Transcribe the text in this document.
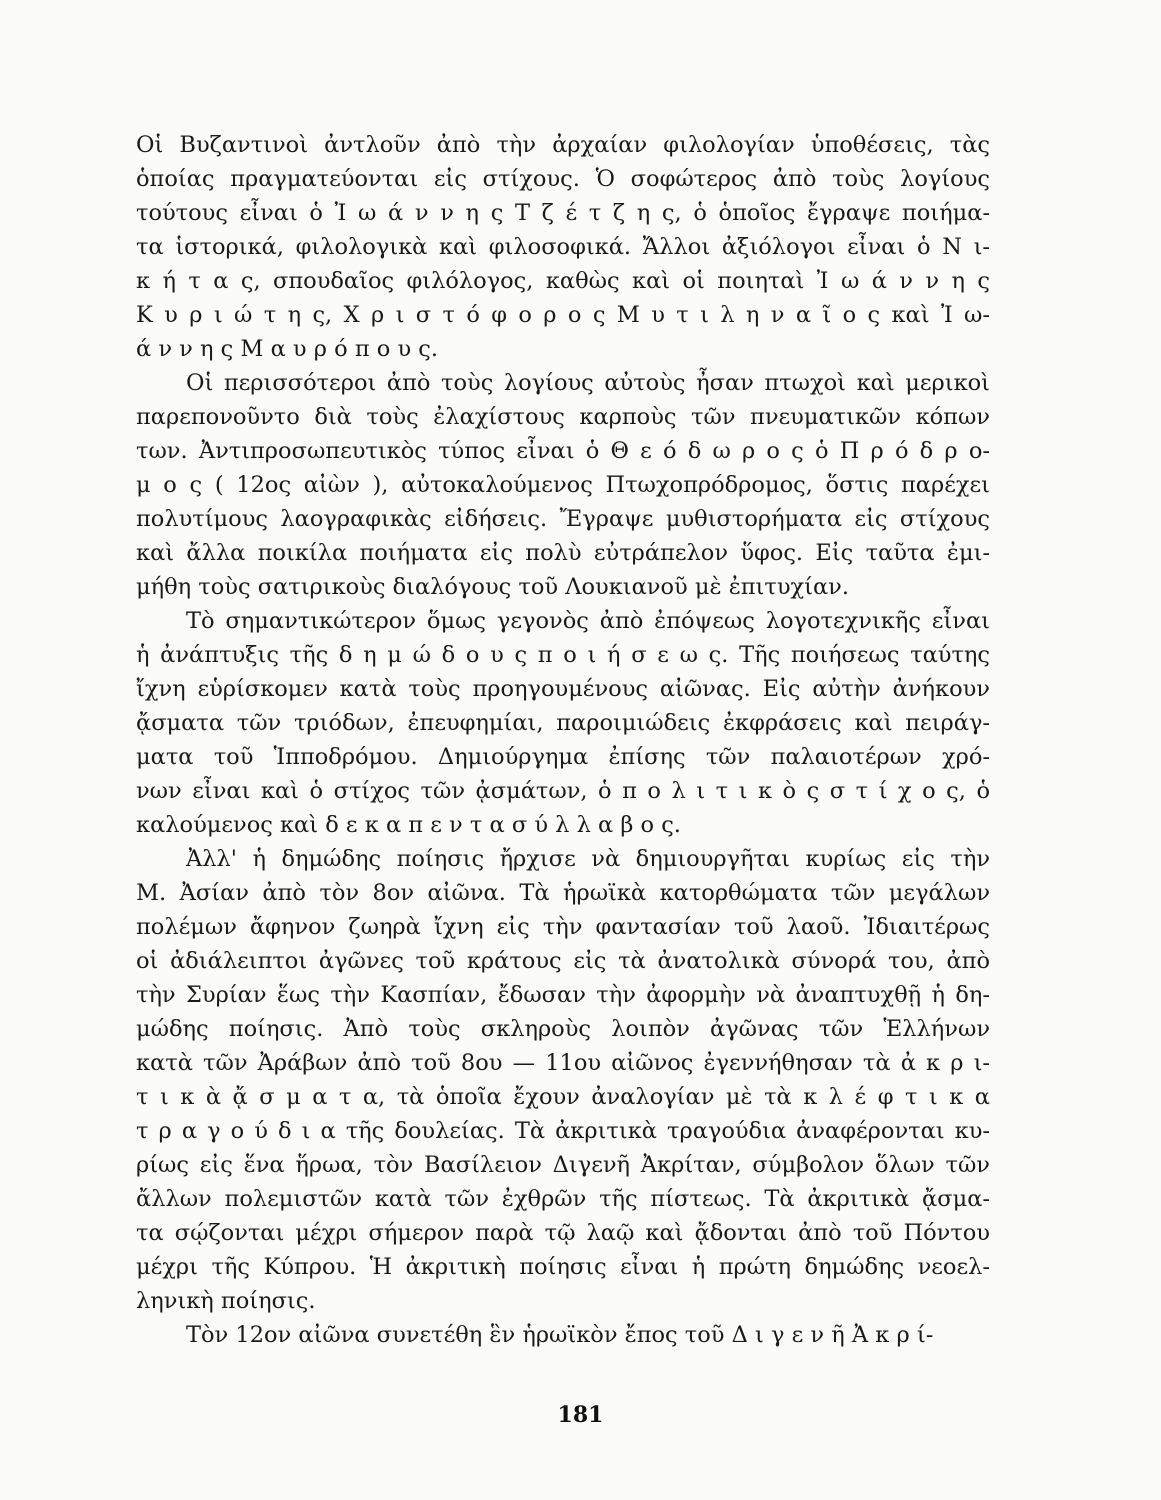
Οἱ Βυζαντινοὶ ἀντλοῦν ἀπὸ τὴν ἀρχαίαν φιλολογίαν ὑποθέσεις, τὰς
ὁποίας πραγματεύονται εἰς στίχους. Ὁ σοφώτερος ἀπὸ τοὺς λογίους
τούτους εἶναι ὁ Ἰ ω ά ν ν η ς Τ ζ έ τ ζ η ς, ὁ ὁποῖος ἔγραψε ποιήμα-
τα ἱστορικά, φιλολογικὰ καὶ φιλοσοφικά. Ἄλλοι ἀξιόλογοι εἶναι ὁ Ν ι-
κ ή τ α ς, σπουδαῖος φιλόλογος, καθὼς καὶ οἱ ποιηταὶ Ἰ ω ά ν ν η ς
Κ υ ρ ι ώ τ η ς, Χ ρ ι σ τ ό φ ο ρ ο ς Μ υ τ ι λ η ν α ῖ ο ς καὶ Ἰ ω-
ά ν ν η ς Μ α υ ρ ό π ο υ ς.
Οἱ περισσότεροι ἀπὸ τοὺς λογίους αὐτοὺς ἦσαν πτωχοὶ καὶ μερικοὶ
παρεπονοῦντο διὰ τοὺς ἐλαχίστους καρποὺς τῶν πνευματικῶν κόπων
των. Ἀντιπροσωπευτικὸς τύπος εἶναι ὁ Θ ε ό δ ω ρ ο ς ὁ Π ρ ό δ ρ ο-
μ ο ς ( 12ος αἰὼν ), αὐτοκαλούμενος Πτωχοπρόδρομος, ὅστις παρέχει
πολυτίμους λαογραφικὰς εἰδήσεις. Ἔγραψε μυθιστορήματα εἰς στίχους
καὶ ἄλλα ποικίλα ποιήματα εἰς πολὺ εὐτράπελον ὕφος. Εἰς ταῦτα ἐμι-
μήθη τοὺς σατιρικοὺς διαλόγους τοῦ Λουκιανοῦ μὲ ἐπιτυχίαν.
Τὸ σημαντικώτερον ὅμως γεγονὸς ἀπὸ ἐπόψεως λογοτεχνικῆς εἶναι
ἡ ἀνάπτυξις τῆς δ η μ ώ δ ο υ ς π ο ι ή σ ε ω ς. Τῆς ποιήσεως ταύτης
ἴχνη εὑρίσκομεν κατὰ τοὺς προηγουμένους αἰῶνας. Εἰς αὐτὴν ἀνήκουν
ᾄσματα τῶν τριόδων, ἐπευφημίαι, παροιμιώδεις ἐκφράσεις καὶ πειράγ-
ματα τοῦ Ἱπποδρόμου. Δημιούργημα ἐπίσης τῶν παλαιοτέρων χρό-
νων εἶναι καὶ ὁ στίχος τῶν ᾀσμάτων, ὁ π ο λ ι τ ι κ ὸ ς σ τ ί χ ο ς, ὁ
καλούμενος καὶ δ ε κ α π ε ν τ α σ ύ λ λ α β ο ς.
Ἀλλ' ἡ δημώδης ποίησις ἤρχισε νὰ δημιουργῆται κυρίως εἰς τὴν
Μ. Ἀσίαν ἀπὸ τὸν 8ον αἰῶνα. Τὰ ἡρωϊκὰ κατορθώματα τῶν μεγάλων
πολέμων ἄφηνον ζωηρὰ ἴχνη εἰς τὴν φαντασίαν τοῦ λαοῦ. Ἰδιαιτέρως
οἱ ἀδιάλειπτοι ἀγῶνες τοῦ κράτους εἰς τὰ ἀνατολικὰ σύνορά του, ἀπὸ
τὴν Συρίαν ἕως τὴν Κασπίαν, ἔδωσαν τὴν ἀφορμὴν νὰ ἀναπτυχθῇ ἡ δη-
μώδης ποίησις. Ἀπὸ τοὺς σκληροὺς λοιπὸν ἀγῶνας τῶν Ἑλλήνων
κατὰ τῶν Ἀράβων ἀπὸ τοῦ 8ου — 11ου αἰῶνος ἐγεννήθησαν τὰ ἀ κ ρ ι-
τ ι κ ὰ ᾄ σ μ α τ α, τὰ ὁποῖα ἔχουν ἀναλογίαν μὲ τὰ κ λ έ φ τ ι κ α
τ ρ α γ ο ύ δ ι α τῆς δουλείας. Τὰ ἀκριτικὰ τραγούδια ἀναφέρονται κυ-
ρίως εἰς ἕνα ἥρωα, τὸν Βασίλειον Διγενῆ Ἀκρίταν, σύμβολον ὅλων τῶν
ἄλλων πολεμιστῶν κατὰ τῶν ἐχθρῶν τῆς πίστεως. Τὰ ἀκριτικὰ ᾄσμα-
τα σῴζονται μέχρι σήμερον παρὰ τῷ λαῷ καὶ ᾄδονται ἀπὸ τοῦ Πόντου
μέχρι τῆς Κύπρου. Ἡ ἀκριτικὴ ποίησις εἶναι ἡ πρώτη δημώδης νεοελ-
ληνικὴ ποίησις.
Τὸν 12ον αἰῶνα συνετέθη ἓν ἡρωϊκὸν ἔπος τοῦ Δ ι γ ε ν ῆ Ἀ κ ρ ί-
181
